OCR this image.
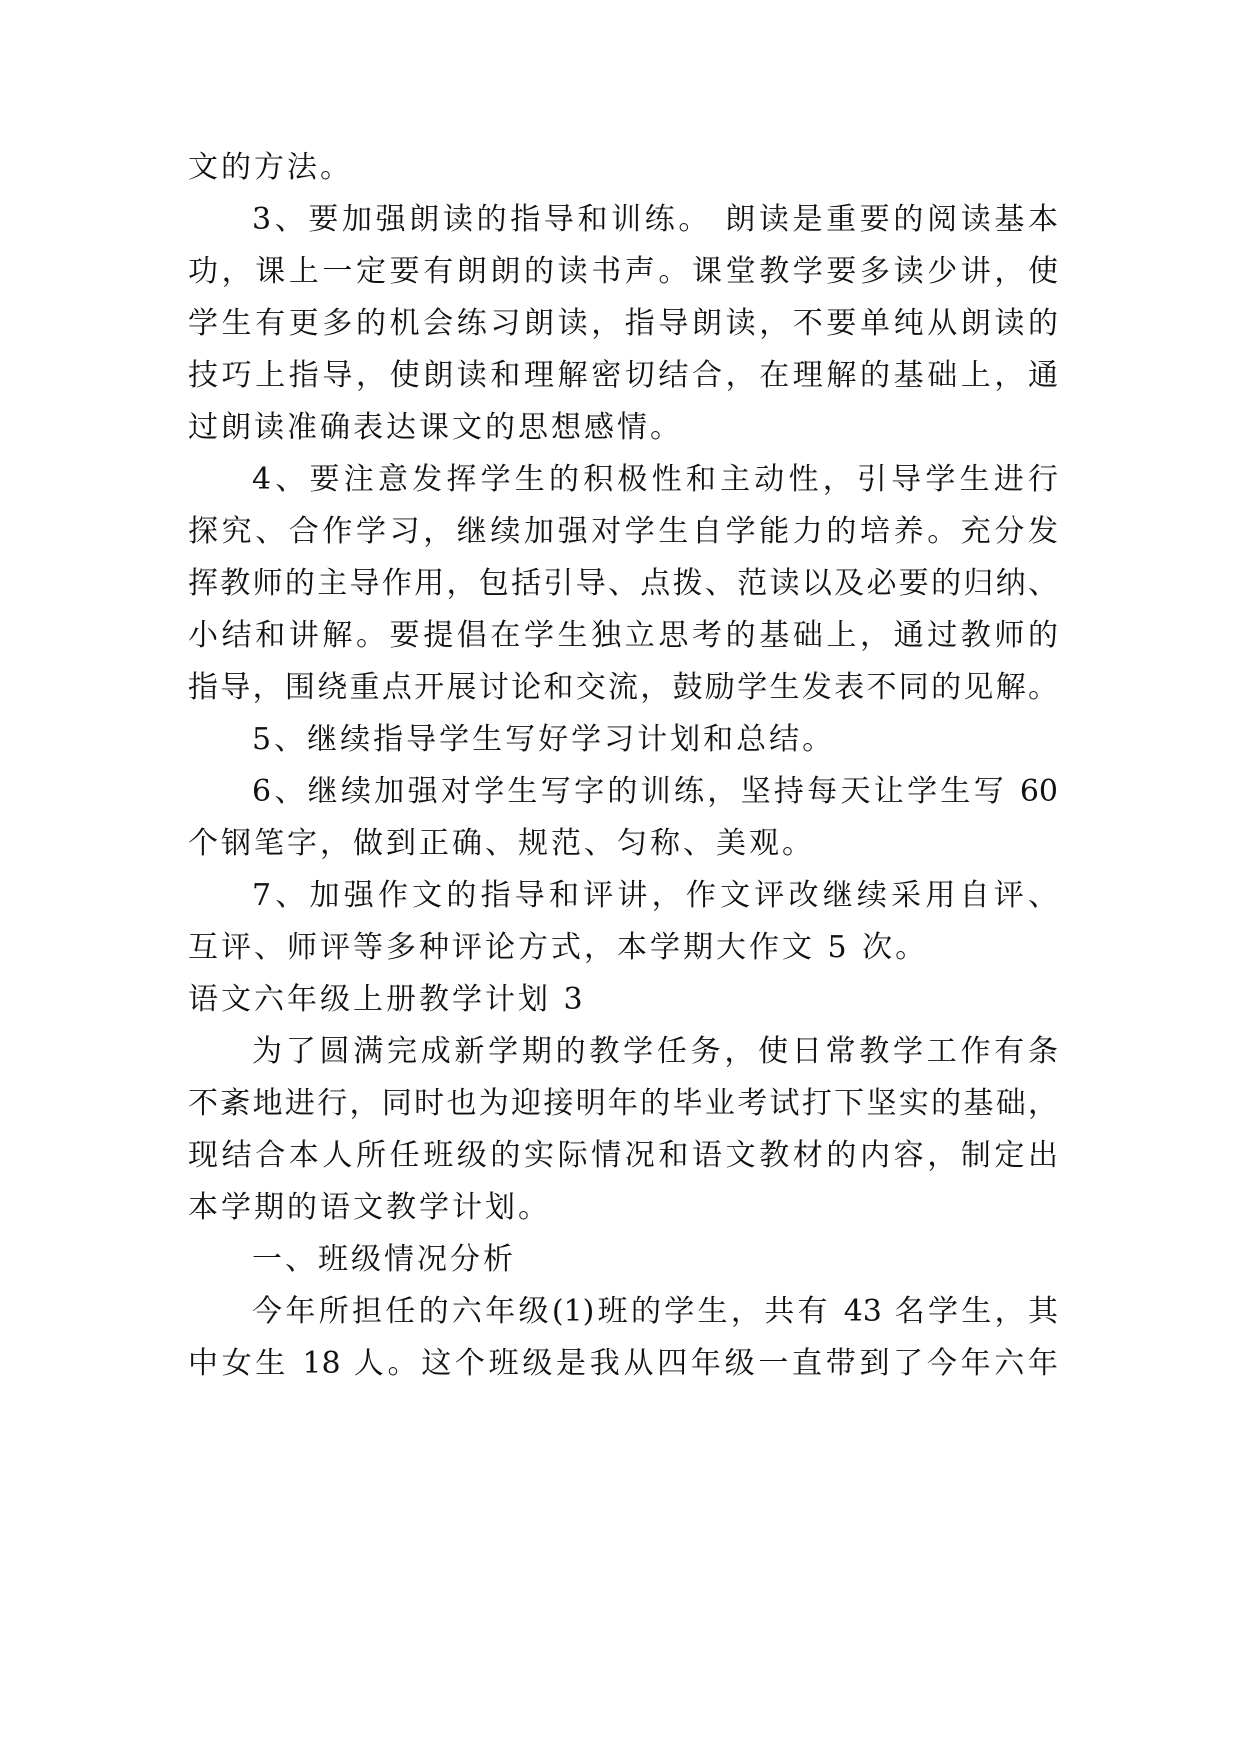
文的方法。
3、要加强朗读的指导和训练。 朗读是重要的阅读基本
功，课上一定要有朗朗的读书声。课堂教学要多读少讲，使
学生有更多的机会练习朗读，指导朗读，不要单纯从朗读的
技巧上指导，使朗读和理解密切结合，在理解的基础上，通
过朗读准确表达课文的思想感情。
4、要注意发挥学生的积极性和主动性，引导学生进行
探究、合作学习，继续加强对学生自学能力的培养。充分发
挥教师的主导作用，包括引导、点拨、范读以及必要的归纳、
小结和讲解。要提倡在学生独立思考的基础上，通过教师的
指导，围绕重点开展讨论和交流，鼓励学生发表不同的见解。
5、继续指导学生写好学习计划和总结。
6、继续加强对学生写字的训练，坚持每天让学生写 60
个钢笔字，做到正确、规范、匀称、美观。
7、加强作文的指导和评讲，作文评改继续采用自评、
互评、师评等多种评论方式，本学期大作文 5 次。
语文六年级上册教学计划 3
为了圆满完成新学期的教学任务，使日常教学工作有条
不紊地进行，同时也为迎接明年的毕业考试打下坚实的基础，
现结合本人所任班级的实际情况和语文教材的内容，制定出
本学期的语文教学计划。
一、班级情况分析
今年所担任的六年级(1)班的学生，共有 43 名学生，其
中女生 18 人。这个班级是我从四年级一直带到了今年六年
